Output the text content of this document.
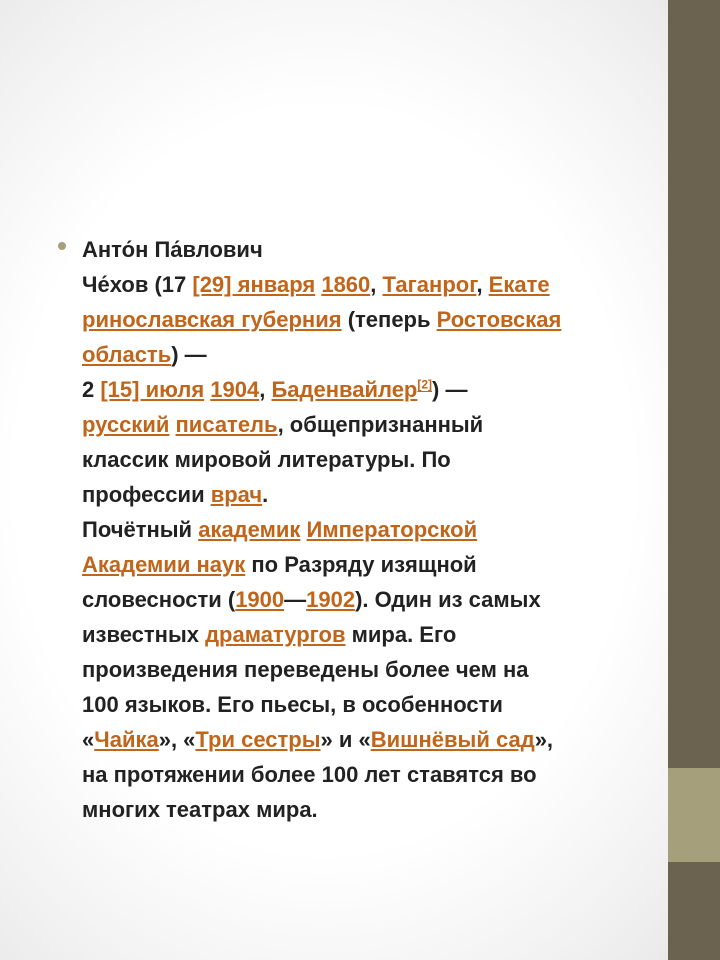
Анто́н Па́влович
Че́хов (17 [29] января 1860, Таганрог, Екате
ринославская губерния (теперь Ростовская
область) —
2 [15] июля 1904, Баденвайлер[2]) —
русский писатель, общепризнанный
классик мировой литературы. По
профессии врач.
Почётный академик Императорской
Академии наук по Разряду изящной
словесности (1900—1902). Один из самых
известных драматургов мира. Его
произведения переведены более чем на
100 языков. Его пьесы, в особенности
«Чайка», «Три сестры» и «Вишнёвый сад»,
на протяжении более 100 лет ставятся во
многих театрах мира.
